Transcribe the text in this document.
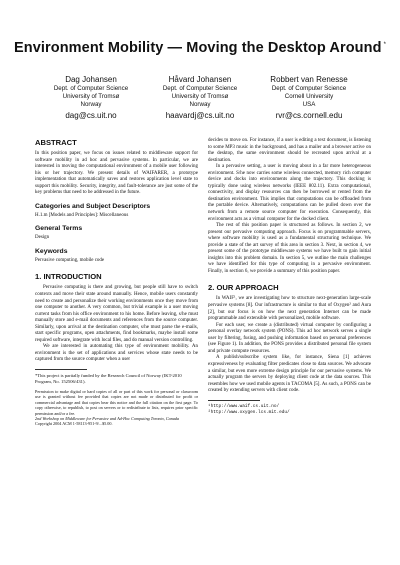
Environment Mobility — Moving the Desktop Around *
Dag Johansen
Dept. of Computer Science
University of Tromsø
Norway
dag@cs.uit.no
Håvard Johansen
Dept. of Computer Science
University of Tromsø
Norway
haavardj@cs.uit.no
Robbert van Renesse
Dept. of Computer Science
Cornell University
USA
rvr@cs.cornell.edu
ABSTRACT

In this position paper, we focus on issues related to middleware support for software mobility in ad hoc and pervasive systems. In particular, we are interested in moving the computational environment of a mobile user following his or her trajectory. We present details of WAIFARER, a prototype implementation that automatically saves and restores application level state to support this mobility. Security, integrity, and fault-tolerance are just some of the key problems that need to be addressed in the future.

Categories and Subject Descriptors

H.1.m [Models and Principles]: Miscellaneous

General Terms

Design

Keywords

Pervasive computing, mobile code

1. INTRODUCTION

Pervasive computing is there and growing, but people still have to switch contexts and move their state around manually. Hence, mobile users constantly need to create and personalize their working environments once they move from one computer to another. A very common, but trivial example is a user moving current tasks from his office environment to his home. Before leaving, s/he must manually store and e-mail documents and references from the source computer. Similarly, upon arrival at the destination computer, s/he must parse the e-mails, start specific programs, open attachments, find bookmarks, maybe install some required software, integrate with local files, and do manual version controlling.

We are interested in automating this type of environment mobility. An environment is the set of applications and services whose state needs to be captured from the source computer when a user

*This project is partially funded by the Research Council of Norway (IKT-2010 Program, No. 152506/431).

Permission to make digital or hard copies of all or part of this work for personal or classroom use is granted without fee provided that copies are not made or distributed for profit or commercial advantage and that copies bear this notice and the full citation on the first page. To copy otherwise, to republish, to post on servers or to redistribute to lists, requires prior specific permission and/or a fee.

2nd Workshop on Middleware for Pervasive and Ad-Hoc Computing Toronto, Canada

Copyright 2004 ACM 1-58113-951-9/...$5.00.

decides to move on. For instance, if a user is editing a text document, is listening to some MP3 music in the background, and has a mailer and a browser active on the desktop, the same environment should be recreated upon arrival at a destination.

In a pervasive setting, a user is moving about in a far more heterogeneous environment. S/he now carries some wireless connected, memory rich computer device and docks into environments along the trajectory. This docking is typically done using wireless networks (IEEE 802.11). Extra computational, connectivity, and display resources can then be borrowed or rented from the destination environment. This implies that computations can be offloaded from the portable device. Alternatively, computations can be pulled down over the network from a remote source computer for execution. Consequently, this environment acts as a virtual computer for the docked client.

The rest of this position paper is structured as follows. In section 2, we present our pervasive computing approach. Focus is on programmable servers, where software mobility is used as a fundamental structuring technique. We provide a state of the art survey of this area in section 3. Next, in section 4, we present some of the prototype middleware systems we have built to gain initial insights into this problem domain. In section 5, we outline the main challenges we have identified for this type of computing in a pervasive environment. Finally, in section 6, we provide a summary of this position paper.

2. OUR APPROACH

In WAIF¹, we are investigating how to structure next-generation large-scale pervasive systems [8]. Our infrastructure is similar to that of Oxygen² and Aura [2], but our focus is on how the next generation Internet can be made programmable and extensible with personalized, mobile software.

For each user, we create a (distributed) virtual computer by configuring a personal overlay network system (PONS). This ad hoc network serves a single user by filtering, fusing, and pushing information based on personal preferences (see Figure 1). In addition, the PONS provides a distributed personal file system and private compute resources.

A publish/subscribe system like, for instance, Siena [1] achieves expressiveness by evaluating filter predicates close to data sources. We advocate a similar, but even more extreme design principle for our pervasive systems. We actually program the servers by deploying client code at the data sources. This resembles how we used mobile agents in TACOMA [5]. As such, a PONS can be created by extending servers with client code.

¹http://www.waif.cs.uit.no/

²http://www.oxygen.lcs.mit.edu/
